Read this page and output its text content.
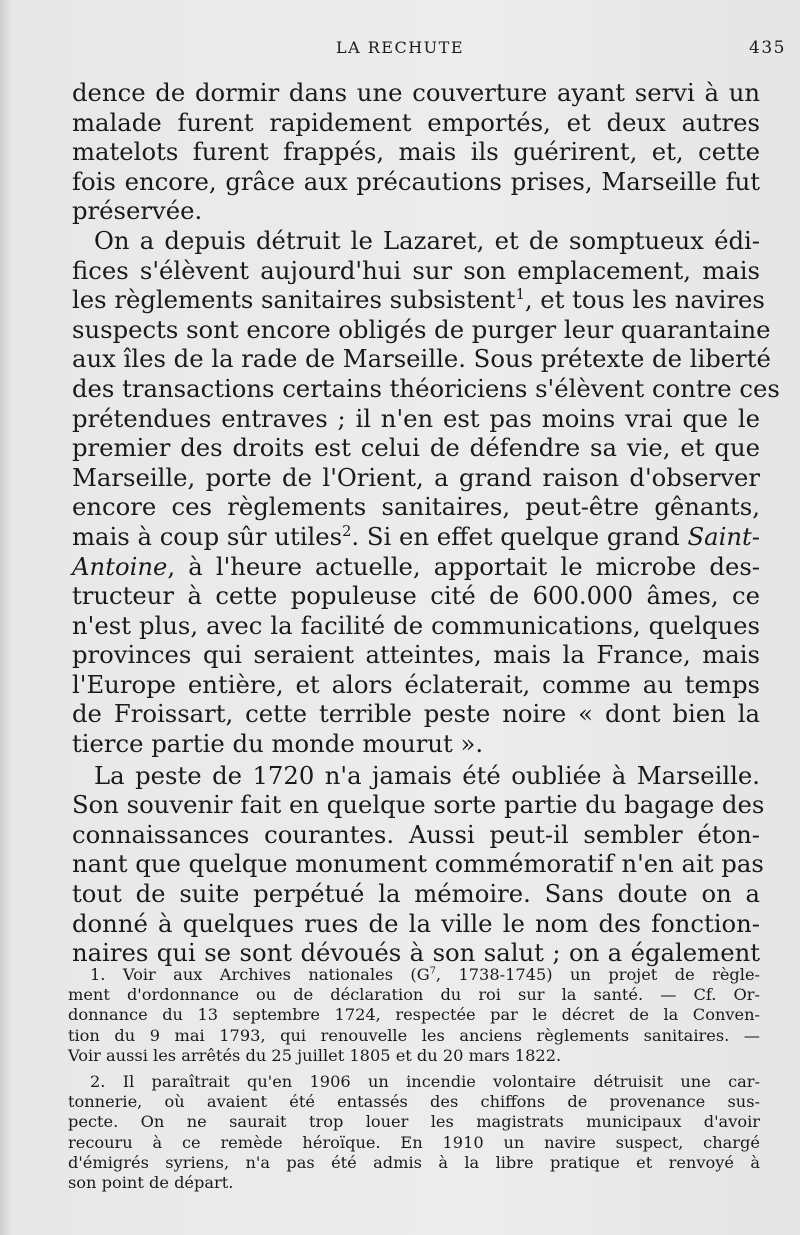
LA RECHUTE	435
dence de dormir dans une couverture ayant servi à un
malade furent rapidement emportés, et deux autres
matelots furent frappés, mais ils guérirent, et, cette
fois encore, grâce aux précautions prises, Marseille fut
préservée.
On a depuis détruit le Lazaret, et de somptueux édi-
fices s'élèvent aujourd'hui sur son emplacement, mais
les règlements sanitaires subsistent$^1$, et tous les navires
suspects sont encore obligés de purger leur quarantaine
aux îles de la rade de Marseille. Sous prétexte de liberté
des transactions certains théoriciens s'élèvent contre ces
prétendues entraves ; il n'en est pas moins vrai que le
premier des droits est celui de défendre sa vie, et que
Marseille, porte de l'Orient, a grand raison d'observer
encore ces règlements sanitaires, peut-être gênants,
mais à coup sûr utiles$^2$. Si en effet quelque grand Saint-
Antoine, à l'heure actuelle, apportait le microbe des-
tructeur à cette populeuse cité de 600.000 âmes, ce
n'est plus, avec la facilité de communications, quelques
provinces qui seraient atteintes, mais la France, mais
l'Europe entière, et alors éclaterait, comme au temps
de Froissart, cette terrible peste noire « dont bien la
tierce partie du monde mourut ».
La peste de 1720 n'a jamais été oubliée à Marseille.
Son souvenir fait en quelque sorte partie du bagage des
connaissances courantes. Aussi peut-il sembler éton-
nant que quelque monument commémoratif n'en ait pas
tout de suite perpétué la mémoire. Sans doute on a
donné à quelques rues de la ville le nom des fonction-
naires qui se sont dévoués à son salut ; on a également
1. Voir aux Archives nationales ($G^7$, 1738-1745) un projet de règle-
ment d'ordonnance ou de déclaration du roi sur la santé. — Cf. Or-
donnance du 13 septembre 1724, respectée par le décret de la Conven-
tion du 9 mai 1793, qui renouvelle les anciens règlements sanitaires. —
Voir aussi les arrêtés du 25 juillet 1805 et du 20 mars 1822.
2. Il paraîtrait qu'en 1906 un incendie volontaire détruisit une car-
tonnerie, où avaient été entassés des chiffons de provenance sus-
pecte. On ne saurait trop louer les magistrats municipaux d'avoir
recouru à ce remède héroïque. En 1910 un navire suspect, chargé
d'émigrés syriens, n'a pas été admis à la libre pratique et renvoyé à
son point de départ.
